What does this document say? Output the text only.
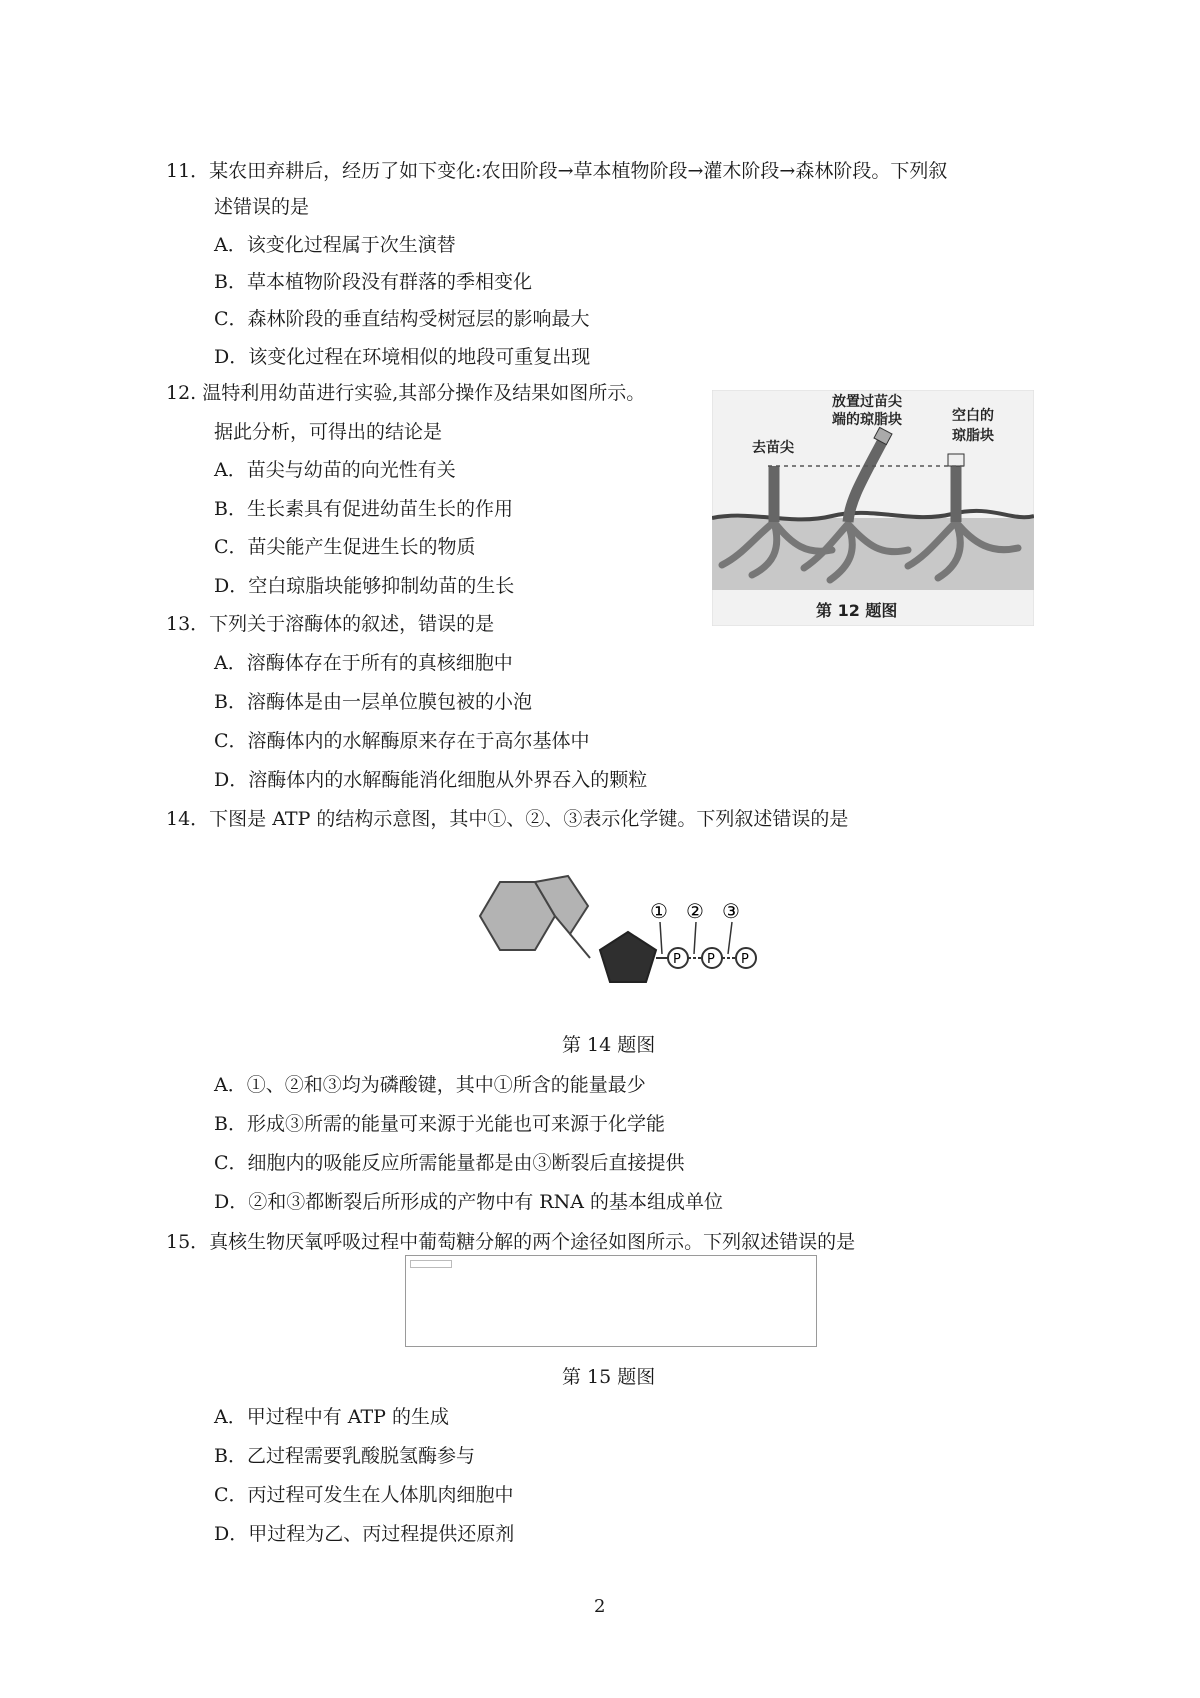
11．某农田弃耕后，经历了如下变化:农田阶段→草本植物阶段→灌木阶段→森林阶段。下列叙
述错误的是
A．该变化过程属于次生演替
B．草本植物阶段没有群落的季相变化
C．森林阶段的垂直结构受树冠层的影响最大
D．该变化过程在环境相似的地段可重复出现
12. 温特利用幼苗进行实验,其部分操作及结果如图所示。
据此分析，可得出的结论是
A．苗尖与幼苗的向光性有关
B．生长素具有促进幼苗生长的作用
C．苗尖能产生促进生长的物质
D．空白琼脂块能够抑制幼苗的生长
去苗尖
放置过苗尖
端的琼脂块	空白的
琼脂块
第 12 题图
13．下列关于溶酶体的叙述，错误的是
A．溶酶体存在于所有的真核细胞中
B．溶酶体是由一层单位膜包被的小泡
C．溶酶体内的水解酶原来存在于高尔基体中
D．溶酶体内的水解酶能消化细胞从外界吞入的颗粒
14．下图是 ATP 的结构示意图，其中①、②、③表示化学键。下列叙述错误的是
P P P
① ② ③
第 14 题图
A．①、②和③均为磷酸键，其中①所含的能量最少
B．形成③所需的能量可来源于光能也可来源于化学能
C．细胞内的吸能反应所需能量都是由③断裂后直接提供
D．②和③都断裂后所形成的产物中有 RNA 的基本组成单位
15．真核生物厌氧呼吸过程中葡萄糖分解的两个途径如图所示。下列叙述错误的是
第 15 题图
A．甲过程中有 ATP 的生成
B．乙过程需要乳酸脱氢酶参与
C．丙过程可发生在人体肌肉细胞中
D．甲过程为乙、丙过程提供还原剂
2
